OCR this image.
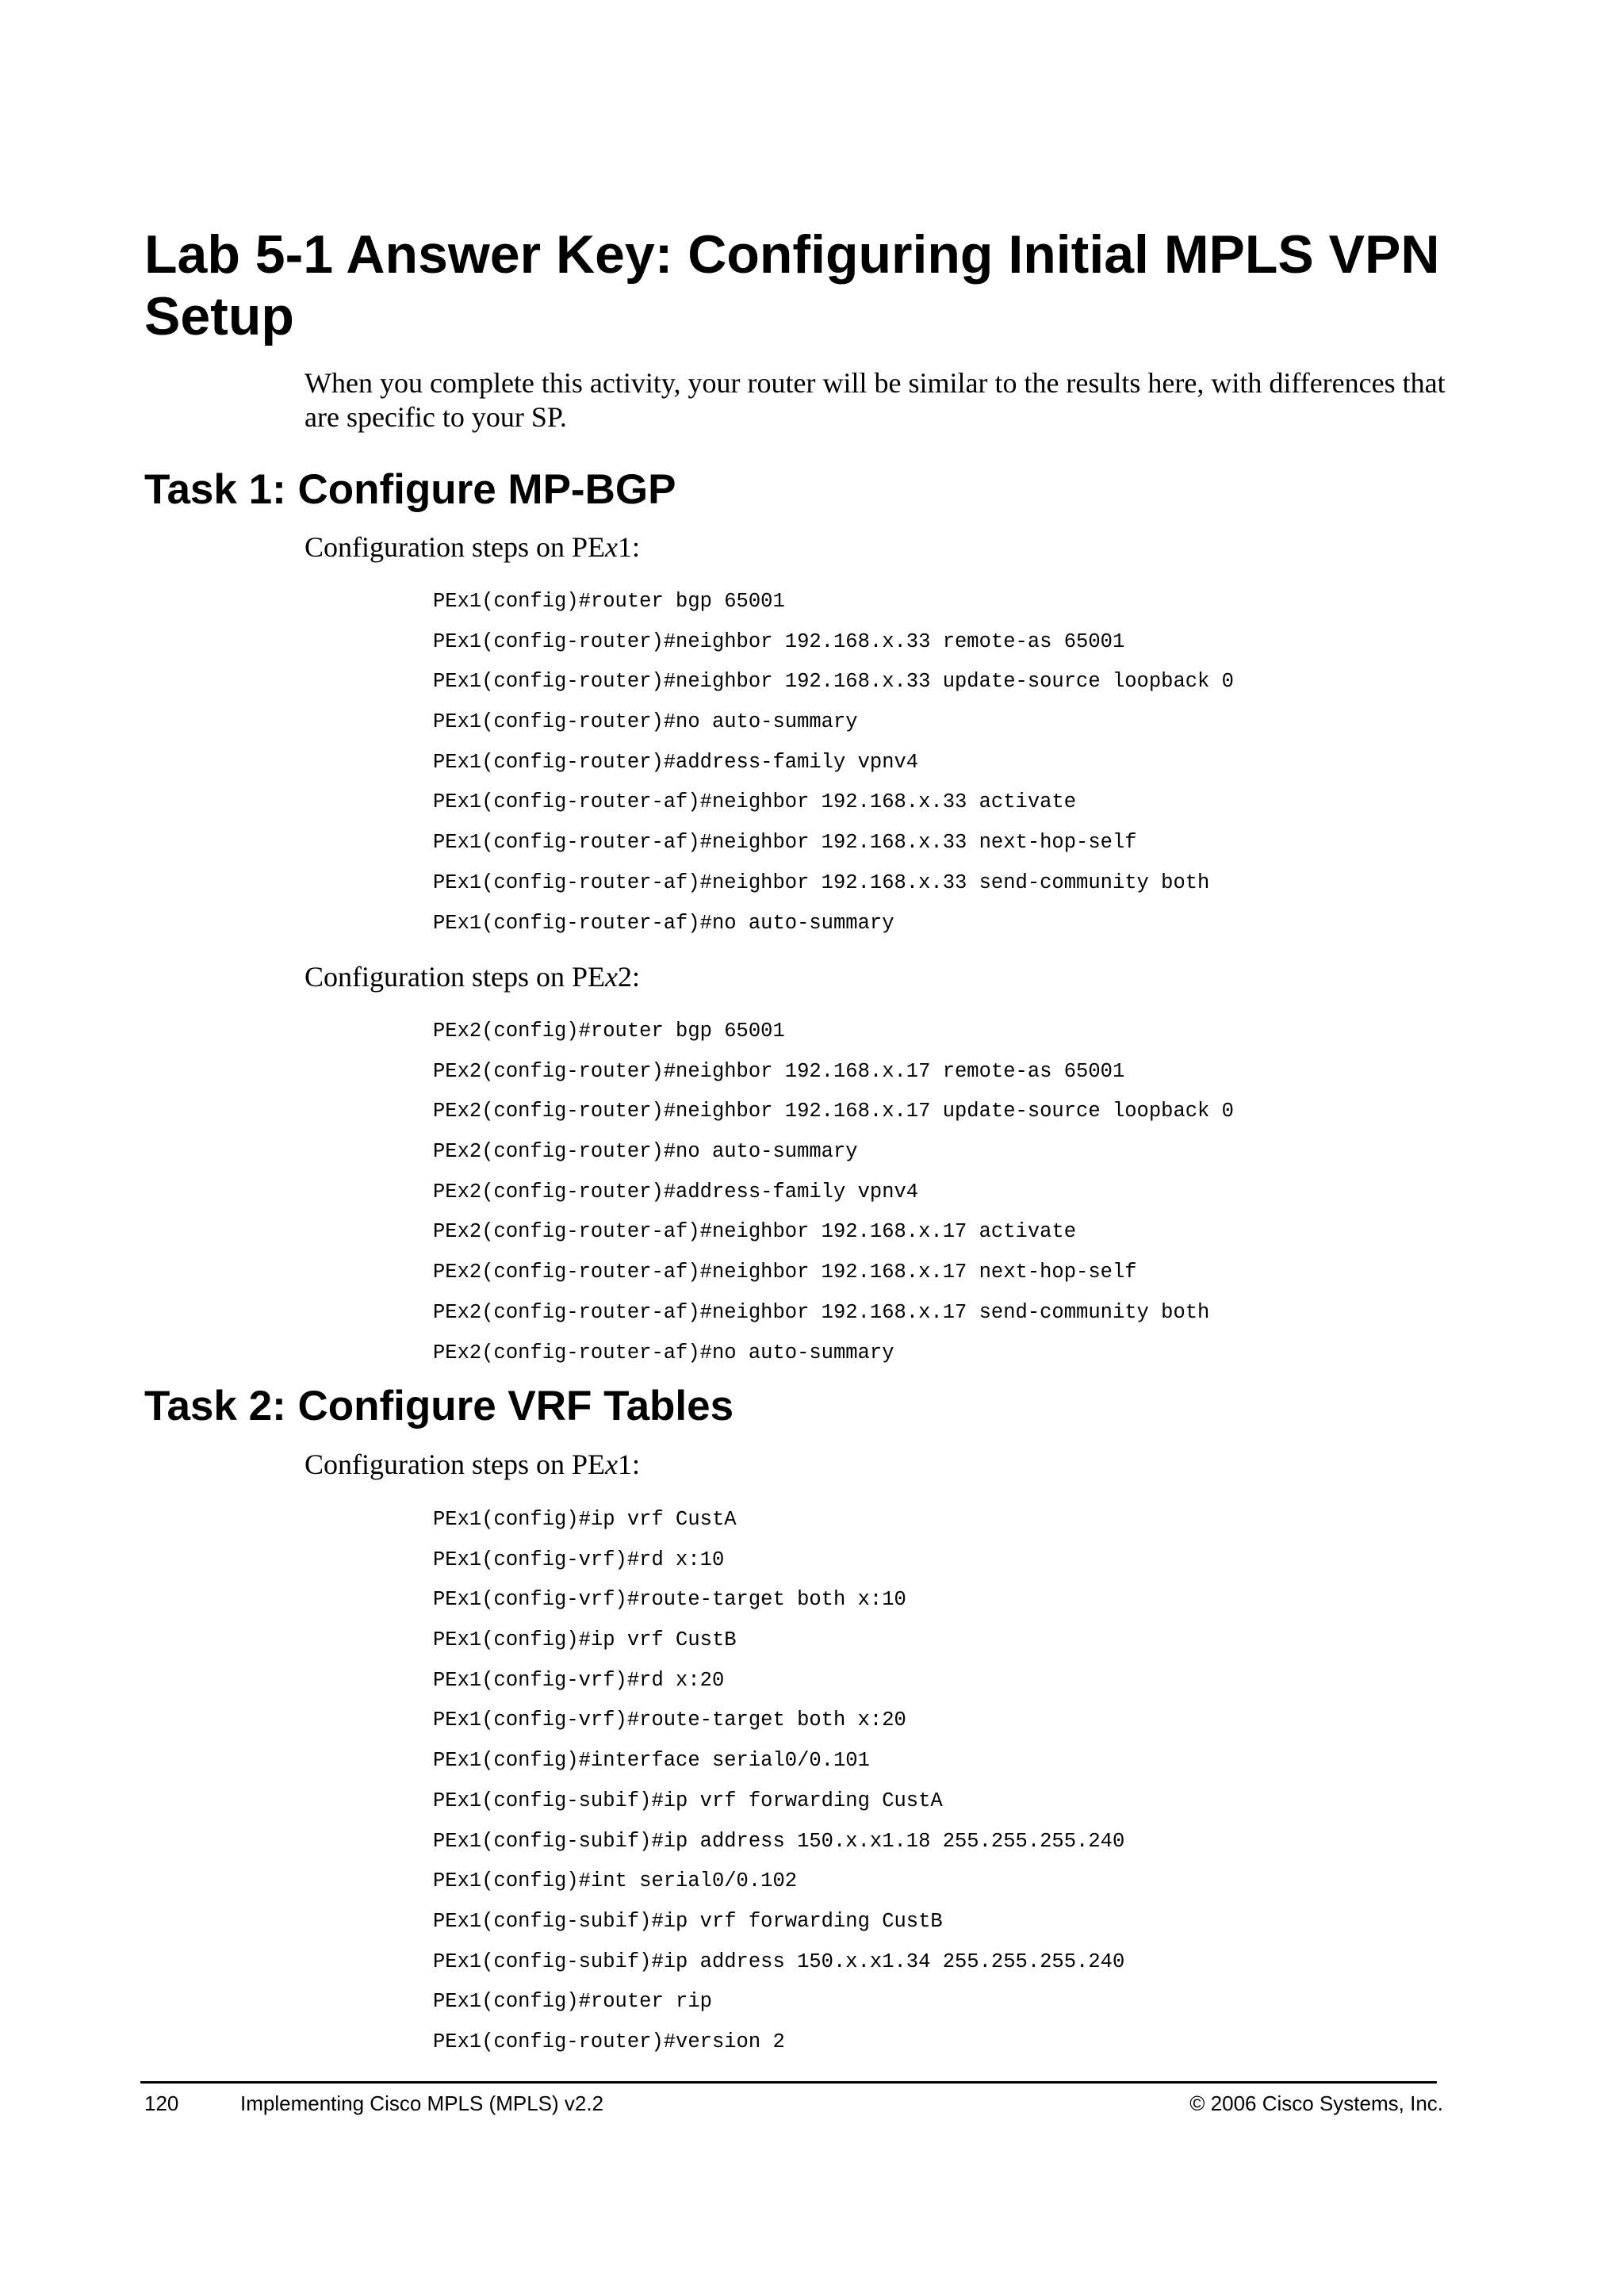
Lab 5-1 Answer Key: Configuring Initial MPLS VPN Setup

When you complete this activity, your router will be similar to the results here, with differences that are specific to your SP.

Task 1: Configure MP-BGP

Configuration steps on PEx1:

PEx1(config)#router bgp 65001
PEx1(config-router)#neighbor 192.168.x.33 remote-as 65001
PEx1(config-router)#neighbor 192.168.x.33 update-source loopback 0
PEx1(config-router)#no auto-summary
PEx1(config-router)#address-family vpnv4
PEx1(config-router-af)#neighbor 192.168.x.33 activate
PEx1(config-router-af)#neighbor 192.168.x.33 next-hop-self
PEx1(config-router-af)#neighbor 192.168.x.33 send-community both
PEx1(config-router-af)#no auto-summary

Configuration steps on PEx2:

PEx2(config)#router bgp 65001
PEx2(config-router)#neighbor 192.168.x.17 remote-as 65001
PEx2(config-router)#neighbor 192.168.x.17 update-source loopback 0
PEx2(config-router)#no auto-summary
PEx2(config-router)#address-family vpnv4
PEx2(config-router-af)#neighbor 192.168.x.17 activate
PEx2(config-router-af)#neighbor 192.168.x.17 next-hop-self
PEx2(config-router-af)#neighbor 192.168.x.17 send-community both
PEx2(config-router-af)#no auto-summary
Task 2: Configure VRF Tables

Configuration steps on PEx1:

PEx1(config)#ip vrf CustA
PEx1(config-vrf)#rd x:10
PEx1(config-vrf)#route-target both x:10
PEx1(config)#ip vrf CustB
PEx1(config-vrf)#rd x:20
PEx1(config-vrf)#route-target both x:20
PEx1(config)#interface serial0/0.101
PEx1(config-subif)#ip vrf forwarding CustA
PEx1(config-subif)#ip address 150.x.x1.18 255.255.255.240
PEx1(config)#int serial0/0.102
PEx1(config-subif)#ip vrf forwarding CustB
PEx1(config-subif)#ip address 150.x.x1.34 255.255.255.240
PEx1(config)#router rip
PEx1(config-router)#version 2

120	Implementing Cisco MPLS (MPLS) v2.2	© 2006 Cisco Systems, Inc.
